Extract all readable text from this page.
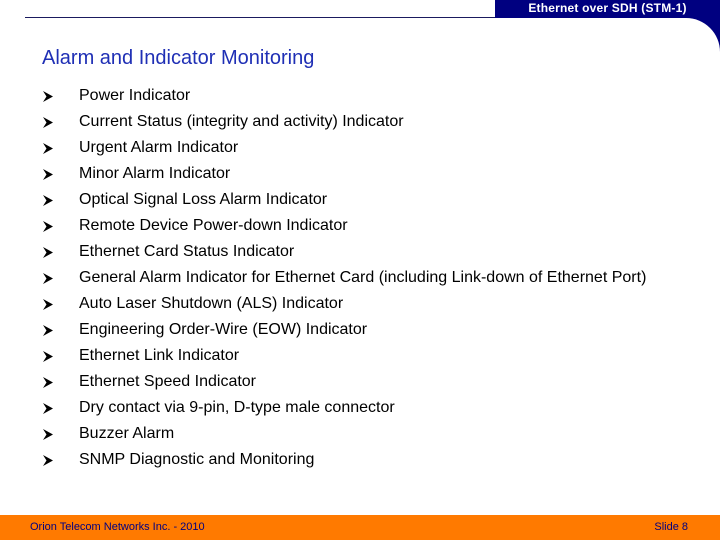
Ethernet over SDH (STM-1)
Alarm and Indicator Monitoring
Power Indicator
Current Status (integrity and activity) Indicator
Urgent Alarm Indicator
Minor Alarm Indicator
Optical Signal Loss Alarm Indicator
Remote Device Power-down Indicator
Ethernet Card Status Indicator
General Alarm Indicator for Ethernet Card (including Link-down of Ethernet Port)
Auto Laser Shutdown (ALS) Indicator
Engineering Order-Wire (EOW) Indicator
Ethernet Link Indicator
Ethernet Speed Indicator
Dry contact via 9-pin, D-type male connector
Buzzer Alarm
SNMP Diagnostic and Monitoring
Orion Telecom Networks Inc. - 2010	Slide 8
